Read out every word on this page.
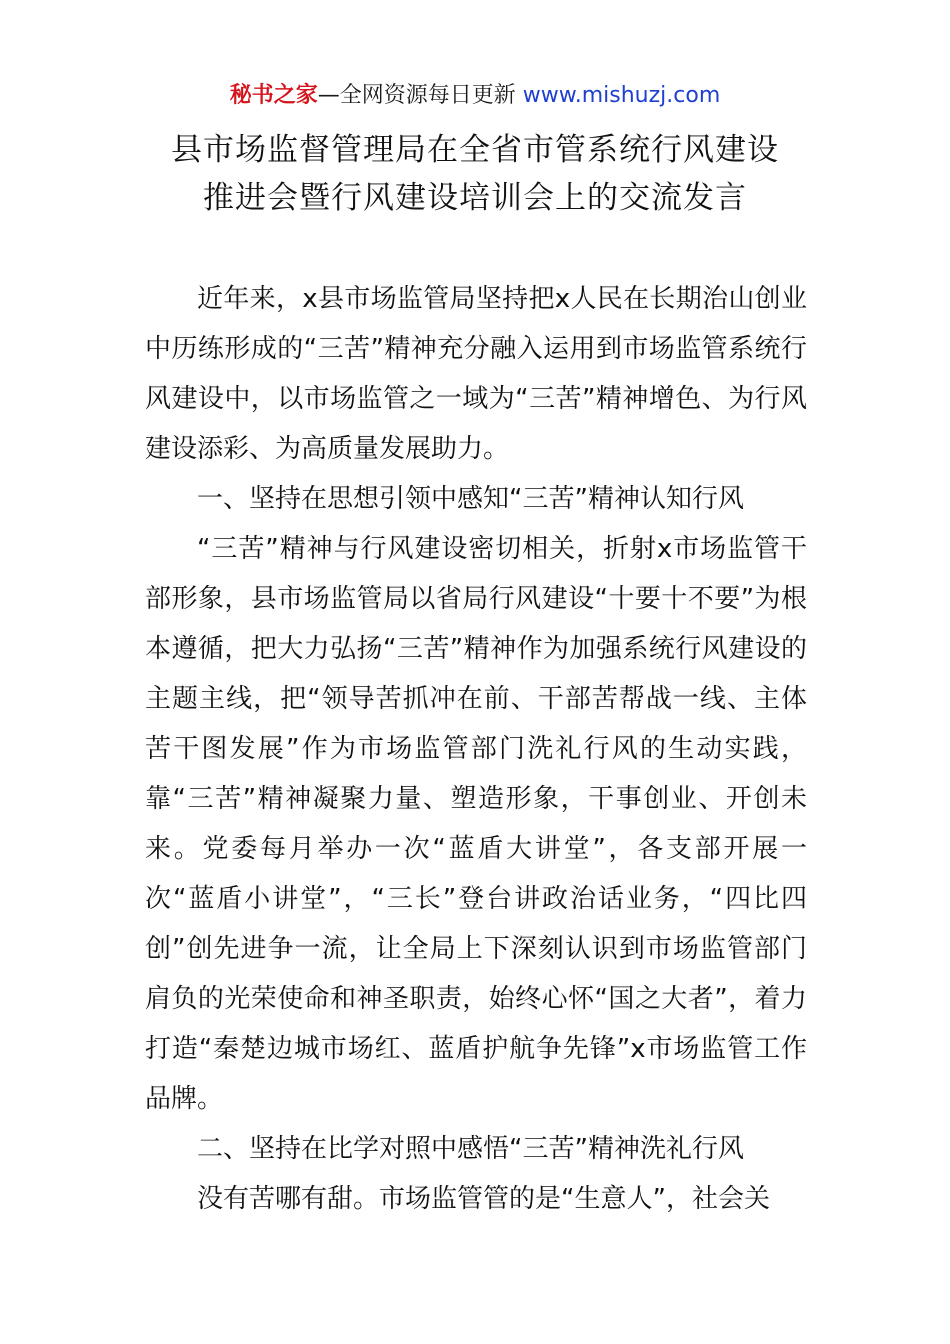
秘书之家—全网资源每日更新 www.mishuzj.com
县市场监督管理局在全省市管系统行风建设
推进会暨行风建设培训会上的交流发言

近年来，x县市场监管局坚持把x人民在长期治山创业中历练形成的“三苦”精神充分融入运用到市场监管系统行风建设中，以市场监管之一域为“三苦”精神增色、为行风建设添彩、为高质量发展助力。

一、坚持在思想引领中感知“三苦”精神认知行风

“三苦”精神与行风建设密切相关，折射x市场监管干部形象，县市场监管局以省局行风建设“十要十不要”为根本遵循，把大力弘扬“三苦”精神作为加强系统行风建设的主题主线，把“领导苦抓冲在前、干部苦帮战一线、主体苦干图发展”作为市场监管部门洗礼行风的生动实践，靠“三苦”精神凝聚力量、塑造形象，干事创业、开创未来。党委每月举办一次“蓝盾大讲堂”，各支部开展一次“蓝盾小讲堂”，“三长”登台讲政治话业务，“四比四创”创先进争一流，让全局上下深刻认识到市场监管部门肩负的光荣使命和神圣职责，始终心怀“国之大者”，着力打造“秦楚边城市场红、蓝盾护航争先锋”x市场监管工作品牌。

二、坚持在比学对照中感悟“三苦”精神洗礼行风

没有苦哪有甜。市场监管管的是“生意人”，社会关
